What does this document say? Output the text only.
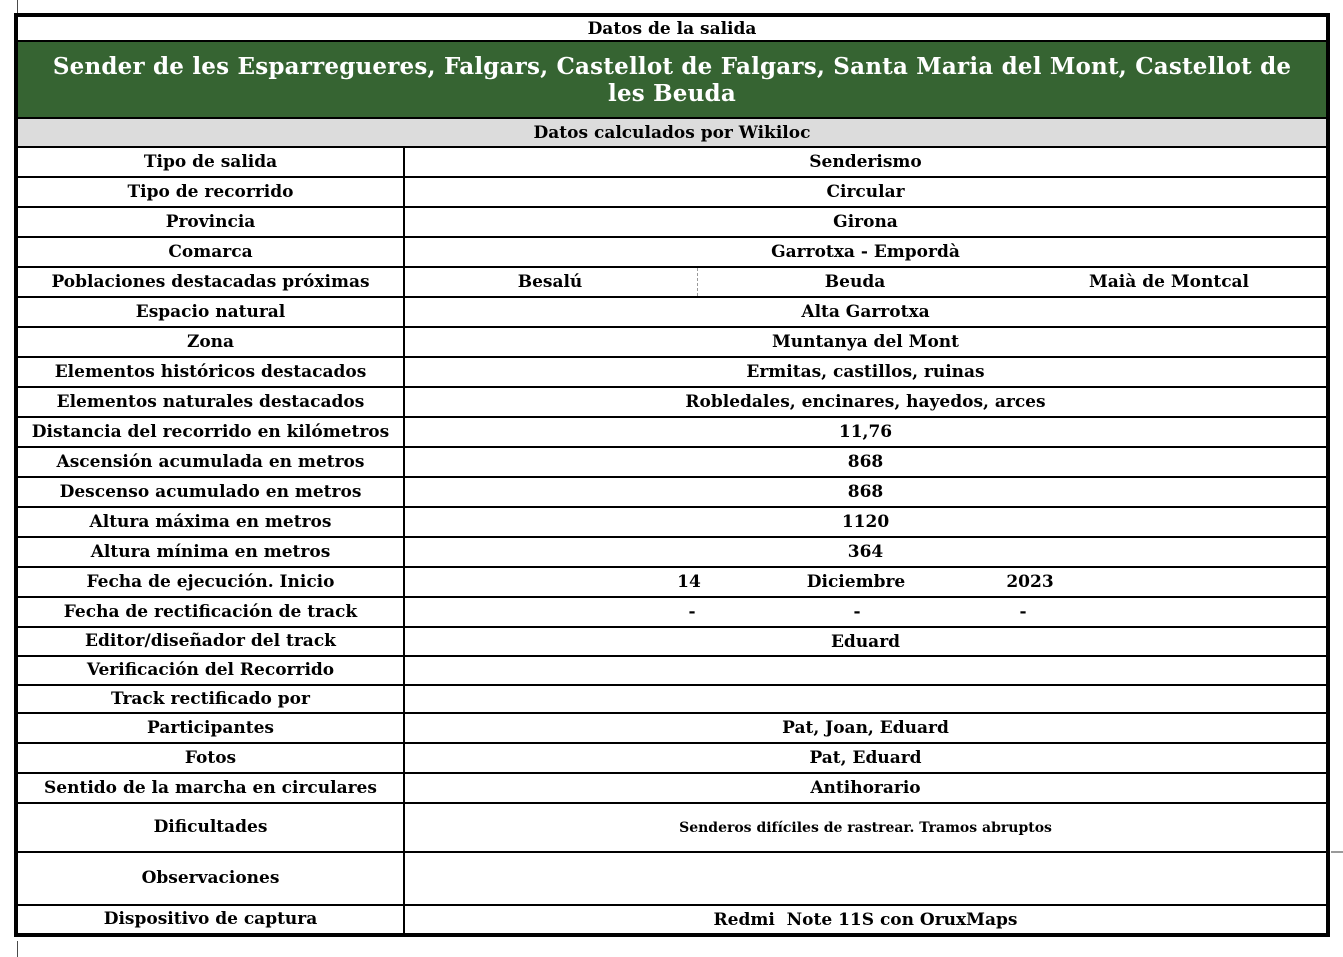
Datos de la salida
Sender de les Esparregueres, Falgars, Castellot de Falgars, Santa Maria del Mont, Castellot de les Beuda
Datos calculados por Wikiloc
Tipo de salida	Senderismo
Tipo de recorrido	Circular
Provincia	Girona
Comarca	Garrotxa - Empordà
Poblaciones destacadas próximas	Besalú	Beuda	Maià de Montcal
Espacio natural	Alta Garrotxa
Zona	Muntanya del Mont
Elementos históricos destacados	Ermitas, castillos, ruinas
Elementos naturales destacados	Robledales, encinares, hayedos, arces
Distancia del recorrido en kilómetros	11,76
Ascensión acumulada en metros	868
Descenso acumulado en metros	868
Altura máxima en metros	1120
Altura mínima en metros	364
Fecha de ejecución. Inicio	14	Diciembre	2023
Fecha de rectificación de track	-	-	-
Editor/diseñador del track	Eduard
Verificación del Recorrido
Track rectificado por
Participantes	Pat, Joan, Eduard
Fotos	Pat, Eduard
Sentido de la marcha en circulares	Antihorario
Dificultades	Senderos difíciles de rastrear. Tramos abruptos
Observaciones
Dispositivo de captura	Redmi  Note 11S con OruxMaps
